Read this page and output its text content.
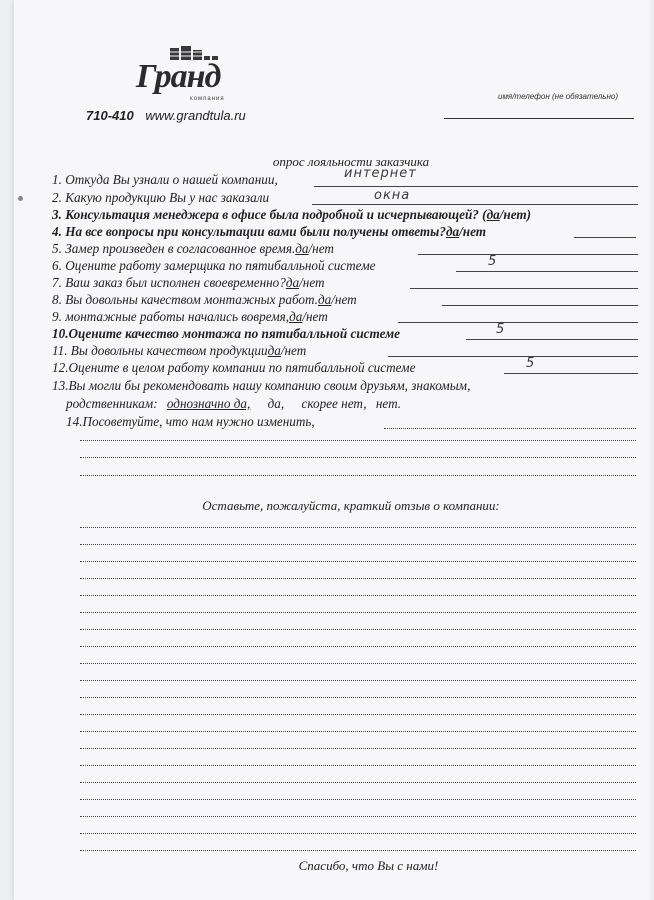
Гранд
компания
710-410 www.grandtula.ru
имя/телефон (не обязательно)
опрос лояльности заказчика
1. Откуда Вы узнали о нашей компании,	интернет
2. Какую продукцию Вы у нас заказали	окна
3. Консультация менеджера в офисе была подробной и исчерпывающей? (да/нет)
4. На все вопросы при консультации вами были получены ответы?да/нет
5. Замер произведен в согласованное время.да/нет
6. Оцените работу замерщика по пятибалльной системе	5
7. Ваш заказ был исполнен своевременно?да/нет
8. Вы довольны качеством монтажных работ.да/нет
9. монтажные работы начались вовремя,да/нет
10.Оцените качество монтажа по пятибалльной системе	5
11. Вы довольны качеством продукциида/нет
12.Оцените в целом работу компании по пятибалльной системе	5
13.Вы могли бы рекомендовать нашу компанию своим друзьям, знакомым,
родственникам: однозначно да, да, скорее нет, нет.
14.Посоветуйте, что нам нужно изменить,
Оставьте, пожалуйста, краткий отзыв о компании:
Спасибо, что Вы с нами!
